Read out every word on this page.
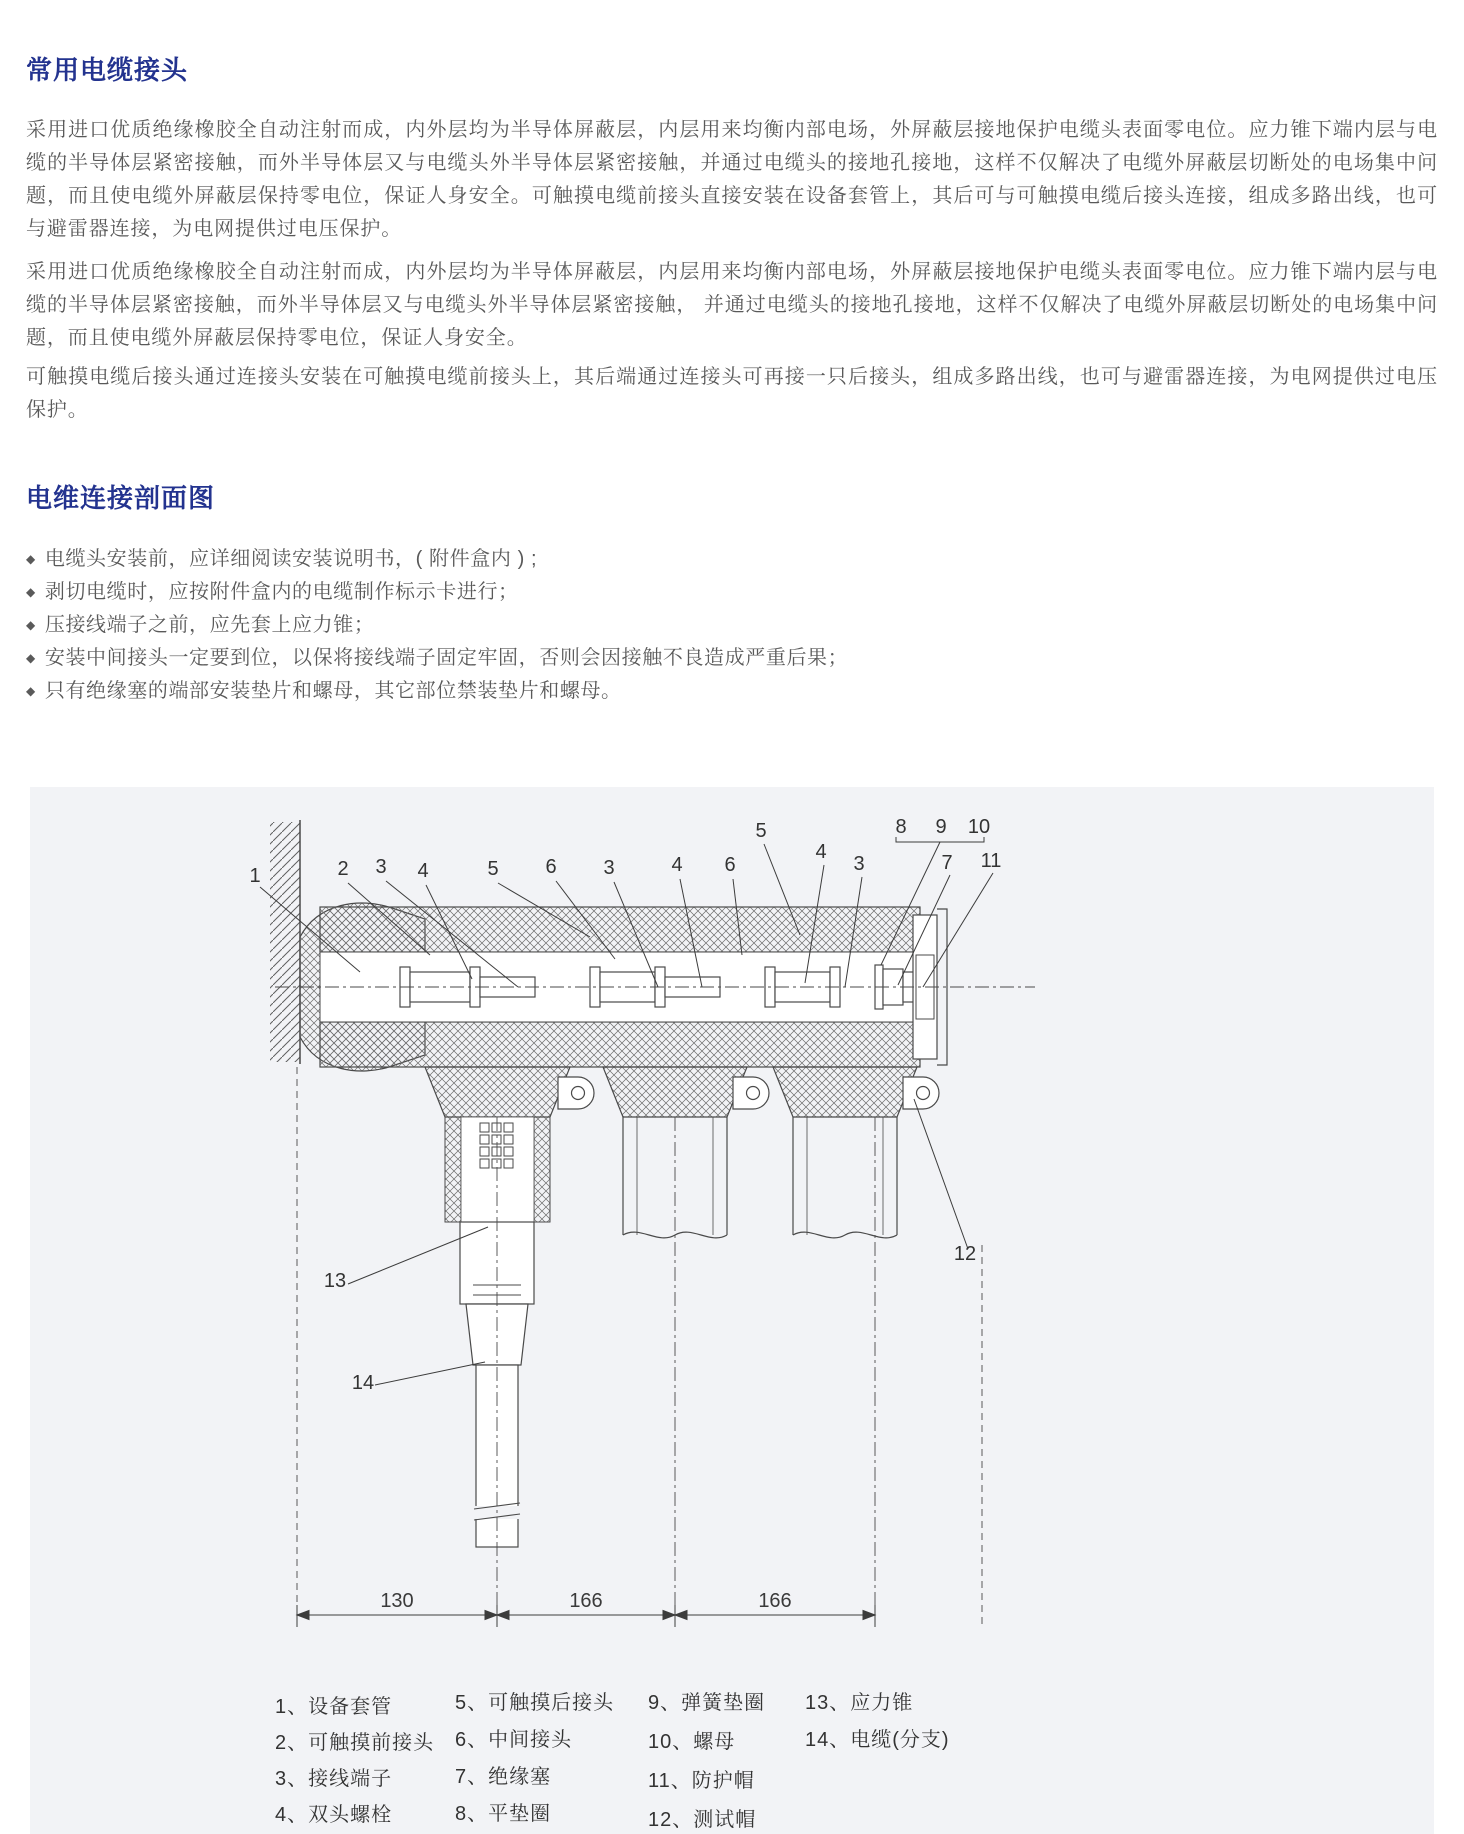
常用电缆接头

采用进口优质绝缘橡胶全自动注射而成，内外层均为半导体屏蔽层，内层用来均衡内部电场，外屏蔽层接地保护电缆头表面零电位。应力锥下端内层与电缆的半导体层紧密接触，而外半导体层又与电缆头外半导体层紧密接触，并通过电缆头的接地孔接地，这样不仅解决了电缆外屏蔽层切断处的电场集中问题，而且使电缆外屏蔽层保持零电位，保证人身安全。可触摸电缆前接头直接安装在设备套管上，其后可与可触摸电缆后接头连接，组成多路出线，也可与避雷器连接，为电网提供过电压保护。

采用进口优质绝缘橡胶全自动注射而成，内外层均为半导体屏蔽层，内层用来均衡内部电场，外屏蔽层接地保护电缆头表面零电位。应力锥下端内层与电缆的半导体层紧密接触，而外半导体层又与电缆头外半导体层紧密接触， 并通过电缆头的接地孔接地，这样不仅解决了电缆外屏蔽层切断处的电场集中问题，而且使电缆外屏蔽层保持零电位，保证人身安全。

可触摸电缆后接头通过连接头安装在可触摸电缆前接头上，其后端通过连接头可再接一只后接头，组成多路出线，也可与避雷器连接，为电网提供过电压保护。

电维连接剖面图
◆ 电缆头安装前，应详细阅读安装说明书，( 附件盒内 ) ;
◆ 剥切电缆时，应按附件盒内的电缆制作标示卡进行；
◆ 压接线端子之前，应先套上应力锥；
◆ 安装中间接头一定要到位，以保将接线端子固定牢固，否则会因接触不良造成严重后果；
◆ 只有绝缘塞的端部安装垫片和螺母，其它部位禁装垫片和螺母。
1	2 3 4	5 6 3	4 6
5
4
3
8 9 10
7 11
13
14
12
130	166	166
1、设备套管
2、可触摸前接头
3、接线端子
4、双头螺栓
5、可触摸后接头
6、中间接头
7、绝缘塞
8、平垫圈
9、弹簧垫圈
10、螺母
11、防护帽
12、测试帽
13、应力锥
14、电缆(分支)
